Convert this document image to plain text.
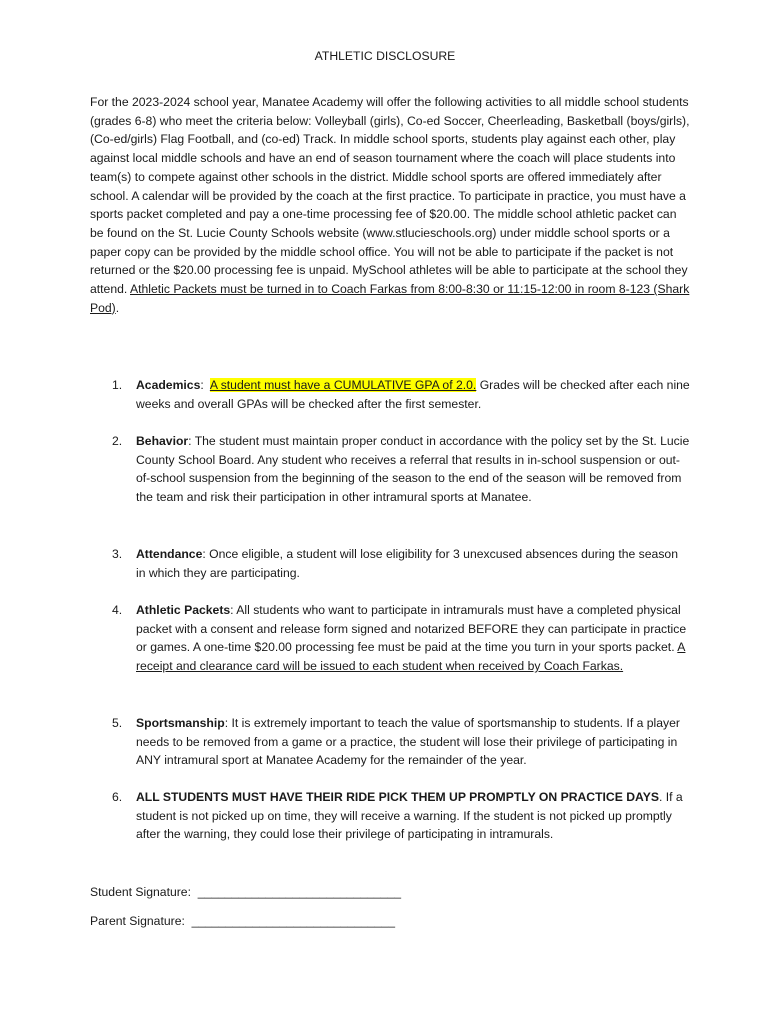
ATHLETIC DISCLOSURE

For the 2023-2024 school year, Manatee Academy will offer the following activities to all middle school students (grades 6-8) who meet the criteria below: Volleyball (girls), Co-ed Soccer, Cheerleading, Basketball (boys/girls), (Co-ed/girls) Flag Football, and (co-ed) Track. In middle school sports, students play against each other, play against local middle schools and have an end of season tournament where the coach will place students into team(s) to compete against other schools in the district. Middle school sports are offered immediately after school. A calendar will be provided by the coach at the first practice. To participate in practice, you must have a sports packet completed and pay a one-time processing fee of $20.00. The middle school athletic packet can be found on the St. Lucie County Schools website (www.stlucieschools.org) under middle school sports or a paper copy can be provided by the middle school office. You will not be able to participate if the packet is not returned or the $20.00 processing fee is unpaid. MySchool athletes will be able to participate at the school they attend. Athletic Packets must be turned in to Coach Farkas from 8:00-8:30 or 11:15-12:00 in room 8-123 (Shark Pod).

1. Academics: A student must have a CUMULATIVE GPA of 2.0. Grades will be checked after each nine weeks and overall GPAs will be checked after the first semester.
2. Behavior: The student must maintain proper conduct in accordance with the policy set by the St. Lucie County School Board. Any student who receives a referral that results in in-school suspension or out-of-school suspension from the beginning of the season to the end of the season will be removed from the team and risk their participation in other intramural sports at Manatee.
3. Attendance: Once eligible, a student will lose eligibility for 3 unexcused absences during the season in which they are participating.
4. Athletic Packets: All students who want to participate in intramurals must have a completed physical packet with a consent and release form signed and notarized BEFORE they can participate in practice or games. A one-time $20.00 processing fee must be paid at the time you turn in your sports packet. A receipt and clearance card will be issued to each student when received by Coach Farkas.
5. Sportsmanship: It is extremely important to teach the value of sportsmanship to students. If a player needs to be removed from a game or a practice, the student will lose their privilege of participating in ANY intramural sport at Manatee Academy for the remainder of the year.
6. ALL STUDENTS MUST HAVE THEIR RIDE PICK THEM UP PROMPTLY ON PRACTICE DAYS. If a student is not picked up on time, they will receive a warning. If the student is not picked up promptly after the warning, they could lose their privilege of participating in intramurals.
Student Signature:  ______________________________
Parent Signature:  ______________________________
